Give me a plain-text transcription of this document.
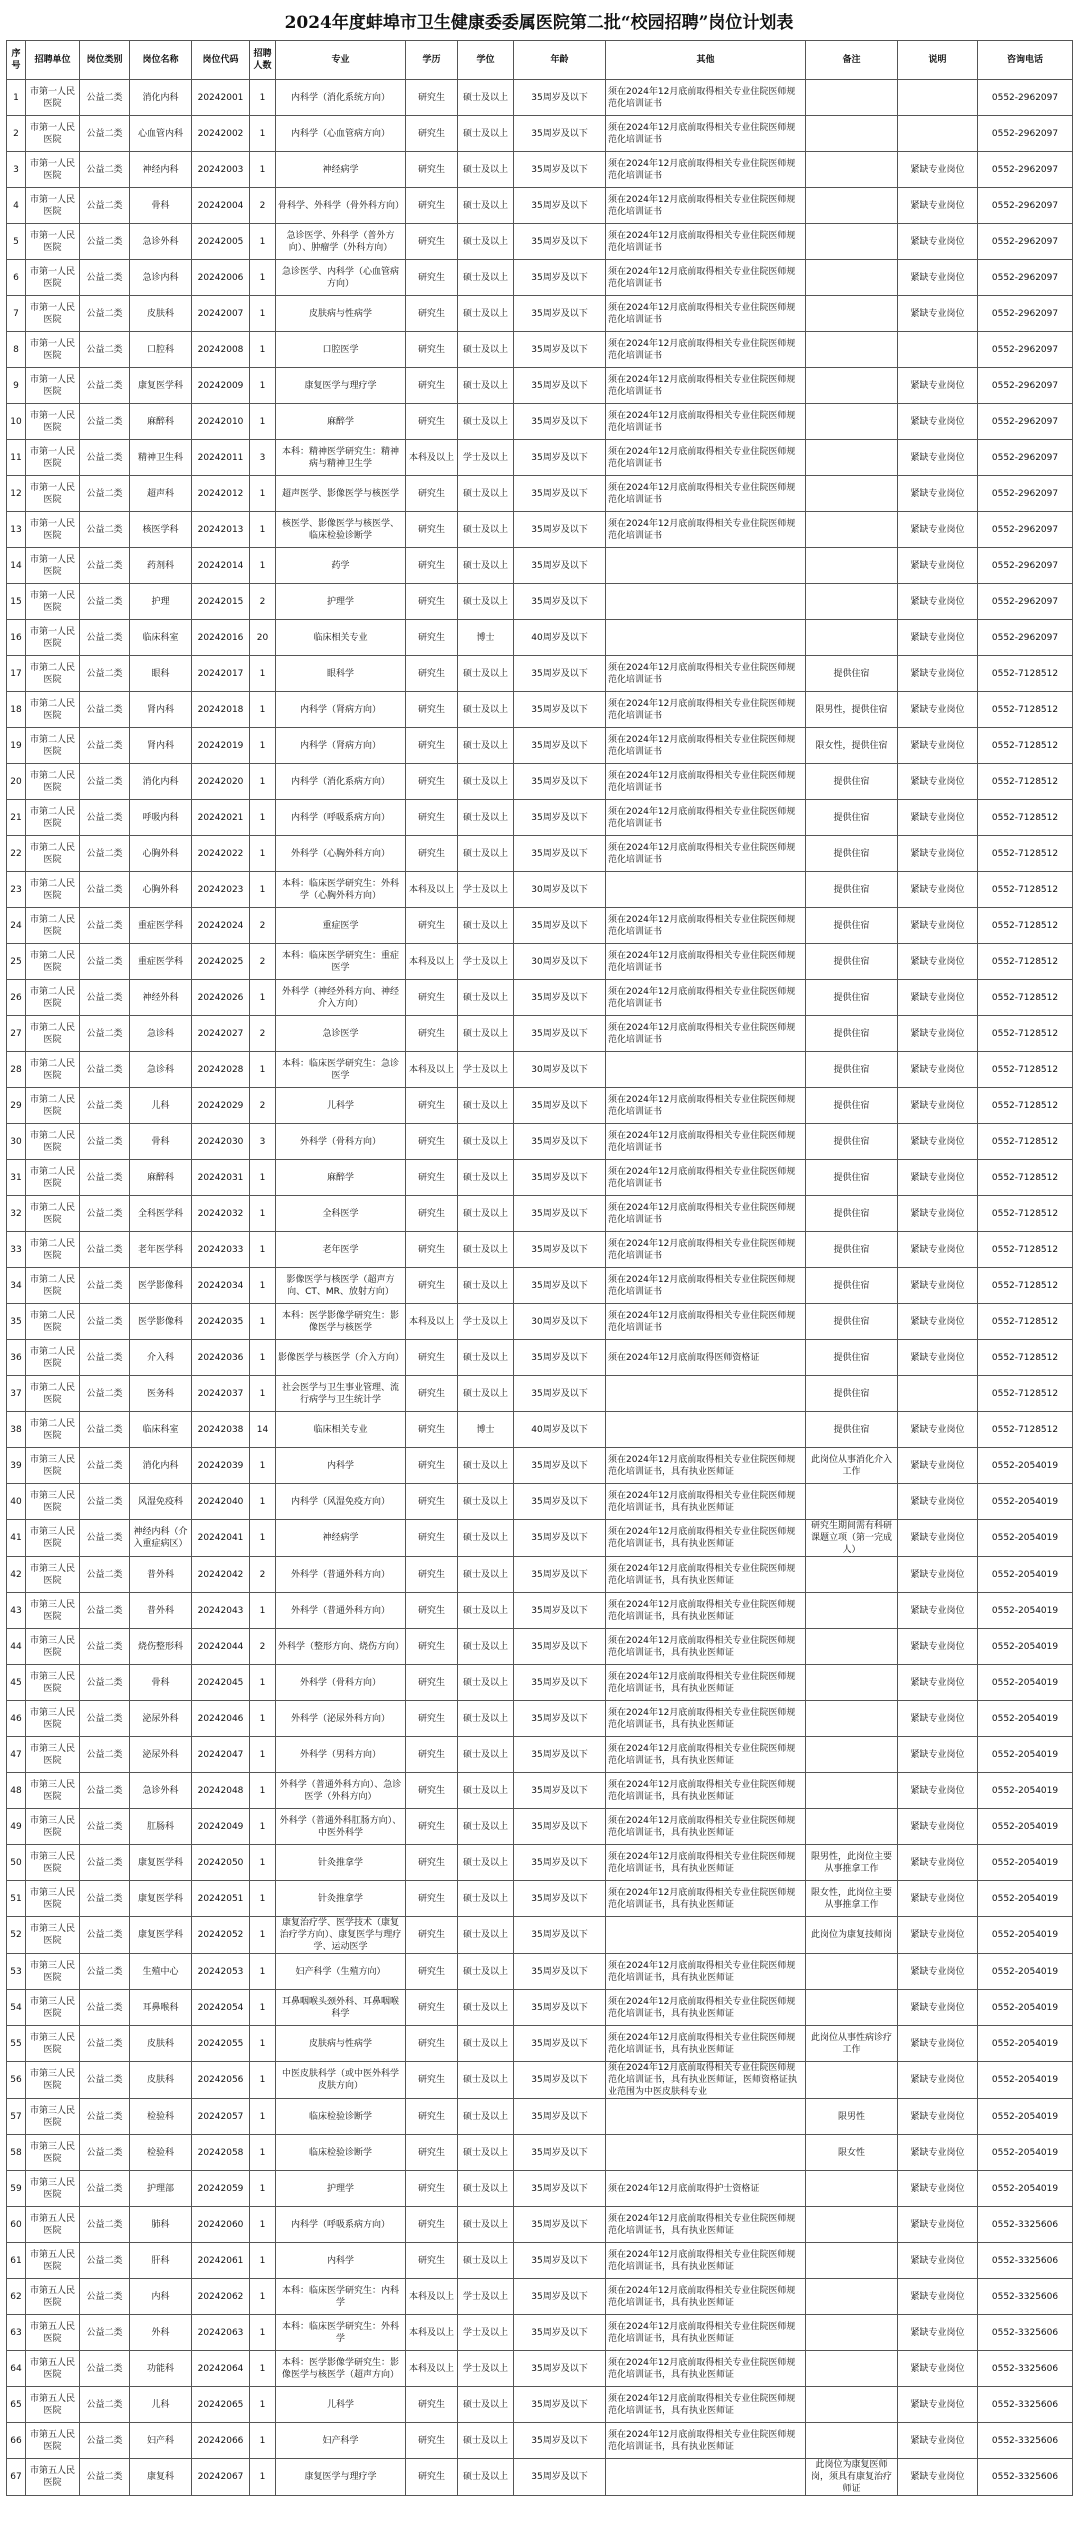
2024年度蚌埠市卫生健康委委属医院第二批“校园招聘”岗位计划表
序号	招聘单位	岗位类别	岗位名称	岗位代码	招聘人数	专业	学历	学位	年龄	其他	备注	说明	咨询电话
1	市第一人民医院	公益二类	消化内科	20242001	1	内科学（消化系统方向）	研究生	硕士及以上	35周岁及以下	须在2024年12月底前取得相关专业住院医师规范化培训证书			0552-2962097
2	市第一人民医院	公益二类	心血管内科	20242002	1	内科学（心血管病方向）	研究生	硕士及以上	35周岁及以下	须在2024年12月底前取得相关专业住院医师规范化培训证书			0552-2962097
3	市第一人民医院	公益二类	神经内科	20242003	1	神经病学	研究生	硕士及以上	35周岁及以下	须在2024年12月底前取得相关专业住院医师规范化培训证书		紧缺专业岗位	0552-2962097
4	市第一人民医院	公益二类	骨科	20242004	2	骨科学、外科学（骨外科方向）	研究生	硕士及以上	35周岁及以下	须在2024年12月底前取得相关专业住院医师规范化培训证书		紧缺专业岗位	0552-2962097
5	市第一人民医院	公益二类	急诊外科	20242005	1	急诊医学、外科学（普外方向）、肿瘤学（外科方向）	研究生	硕士及以上	35周岁及以下	须在2024年12月底前取得相关专业住院医师规范化培训证书		紧缺专业岗位	0552-2962097
6	市第一人民医院	公益二类	急诊内科	20242006	1	急诊医学、内科学（心血管病方向）	研究生	硕士及以上	35周岁及以下	须在2024年12月底前取得相关专业住院医师规范化培训证书		紧缺专业岗位	0552-2962097
7	市第一人民医院	公益二类	皮肤科	20242007	1	皮肤病与性病学	研究生	硕士及以上	35周岁及以下	须在2024年12月底前取得相关专业住院医师规范化培训证书		紧缺专业岗位	0552-2962097
8	市第一人民医院	公益二类	口腔科	20242008	1	口腔医学	研究生	硕士及以上	35周岁及以下	须在2024年12月底前取得相关专业住院医师规范化培训证书			0552-2962097
9	市第一人民医院	公益二类	康复医学科	20242009	1	康复医学与理疗学	研究生	硕士及以上	35周岁及以下	须在2024年12月底前取得相关专业住院医师规范化培训证书		紧缺专业岗位	0552-2962097
10	市第一人民医院	公益二类	麻醉科	20242010	1	麻醉学	研究生	硕士及以上	35周岁及以下	须在2024年12月底前取得相关专业住院医师规范化培训证书		紧缺专业岗位	0552-2962097
11	市第一人民医院	公益二类	精神卫生科	20242011	3	本科：精神医学研究生：精神病与精神卫生学	本科及以上	学士及以上	35周岁及以下	须在2024年12月底前取得相关专业住院医师规范化培训证书		紧缺专业岗位	0552-2962097
12	市第一人民医院	公益二类	超声科	20242012	1	超声医学、影像医学与核医学	研究生	硕士及以上	35周岁及以下	须在2024年12月底前取得相关专业住院医师规范化培训证书		紧缺专业岗位	0552-2962097
13	市第一人民医院	公益二类	核医学科	20242013	1	核医学、影像医学与核医学、临床检验诊断学	研究生	硕士及以上	35周岁及以下	须在2024年12月底前取得相关专业住院医师规范化培训证书		紧缺专业岗位	0552-2962097
14	市第一人民医院	公益二类	药剂科	20242014	1	药学	研究生	硕士及以上	35周岁及以下			紧缺专业岗位	0552-2962097
15	市第一人民医院	公益二类	护理	20242015	2	护理学	研究生	硕士及以上	35周岁及以下			紧缺专业岗位	0552-2962097
16	市第一人民医院	公益二类	临床科室	20242016	20	临床相关专业	研究生	博士	40周岁及以下			紧缺专业岗位	0552-2962097
17	市第二人民医院	公益二类	眼科	20242017	1	眼科学	研究生	硕士及以上	35周岁及以下	须在2024年12月底前取得相关专业住院医师规范化培训证书	提供住宿	紧缺专业岗位	0552-7128512
18	市第二人民医院	公益二类	肾内科	20242018	1	内科学（肾病方向）	研究生	硕士及以上	35周岁及以下	须在2024年12月底前取得相关专业住院医师规范化培训证书	限男性，提供住宿	紧缺专业岗位	0552-7128512
19	市第二人民医院	公益二类	肾内科	20242019	1	内科学（肾病方向）	研究生	硕士及以上	35周岁及以下	须在2024年12月底前取得相关专业住院医师规范化培训证书	限女性，提供住宿	紧缺专业岗位	0552-7128512
20	市第二人民医院	公益二类	消化内科	20242020	1	内科学（消化系病方向）	研究生	硕士及以上	35周岁及以下	须在2024年12月底前取得相关专业住院医师规范化培训证书	提供住宿	紧缺专业岗位	0552-7128512
21	市第二人民医院	公益二类	呼吸内科	20242021	1	内科学（呼吸系病方向）	研究生	硕士及以上	35周岁及以下	须在2024年12月底前取得相关专业住院医师规范化培训证书	提供住宿	紧缺专业岗位	0552-7128512
22	市第二人民医院	公益二类	心胸外科	20242022	1	外科学（心胸外科方向）	研究生	硕士及以上	35周岁及以下	须在2024年12月底前取得相关专业住院医师规范化培训证书	提供住宿	紧缺专业岗位	0552-7128512
23	市第二人民医院	公益二类	心胸外科	20242023	1	本科：临床医学研究生：外科学（心胸外科方向）	本科及以上	学士及以上	30周岁及以下		提供住宿	紧缺专业岗位	0552-7128512
24	市第二人民医院	公益二类	重症医学科	20242024	2	重症医学	研究生	硕士及以上	35周岁及以下	须在2024年12月底前取得相关专业住院医师规范化培训证书	提供住宿	紧缺专业岗位	0552-7128512
25	市第二人民医院	公益二类	重症医学科	20242025	2	本科：临床医学研究生：重症医学	本科及以上	学士及以上	30周岁及以下	须在2024年12月底前取得相关专业住院医师规范化培训证书	提供住宿	紧缺专业岗位	0552-7128512
26	市第二人民医院	公益二类	神经外科	20242026	1	外科学（神经外科方向、神经介入方向）	研究生	硕士及以上	35周岁及以下	须在2024年12月底前取得相关专业住院医师规范化培训证书	提供住宿	紧缺专业岗位	0552-7128512
27	市第二人民医院	公益二类	急诊科	20242027	2	急诊医学	研究生	硕士及以上	35周岁及以下	须在2024年12月底前取得相关专业住院医师规范化培训证书	提供住宿	紧缺专业岗位	0552-7128512
28	市第二人民医院	公益二类	急诊科	20242028	1	本科：临床医学研究生：急诊医学	本科及以上	学士及以上	30周岁及以下		提供住宿	紧缺专业岗位	0552-7128512
29	市第二人民医院	公益二类	儿科	20242029	2	儿科学	研究生	硕士及以上	35周岁及以下	须在2024年12月底前取得相关专业住院医师规范化培训证书	提供住宿	紧缺专业岗位	0552-7128512
30	市第二人民医院	公益二类	骨科	20242030	3	外科学（骨科方向）	研究生	硕士及以上	35周岁及以下	须在2024年12月底前取得相关专业住院医师规范化培训证书	提供住宿	紧缺专业岗位	0552-7128512
31	市第二人民医院	公益二类	麻醉科	20242031	1	麻醉学	研究生	硕士及以上	35周岁及以下	须在2024年12月底前取得相关专业住院医师规范化培训证书	提供住宿	紧缺专业岗位	0552-7128512
32	市第二人民医院	公益二类	全科医学科	20242032	1	全科医学	研究生	硕士及以上	35周岁及以下	须在2024年12月底前取得相关专业住院医师规范化培训证书	提供住宿	紧缺专业岗位	0552-7128512
33	市第二人民医院	公益二类	老年医学科	20242033	1	老年医学	研究生	硕士及以上	35周岁及以下	须在2024年12月底前取得相关专业住院医师规范化培训证书	提供住宿	紧缺专业岗位	0552-7128512
34	市第二人民医院	公益二类	医学影像科	20242034	1	影像医学与核医学（超声方向、CT、MR、放射方向）	研究生	硕士及以上	35周岁及以下	须在2024年12月底前取得相关专业住院医师规范化培训证书	提供住宿	紧缺专业岗位	0552-7128512
35	市第二人民医院	公益二类	医学影像科	20242035	1	本科：医学影像学研究生：影像医学与核医学	本科及以上	学士及以上	30周岁及以下	须在2024年12月底前取得相关专业住院医师规范化培训证书	提供住宿	紧缺专业岗位	0552-7128512
36	市第二人民医院	公益二类	介入科	20242036	1	影像医学与核医学（介入方向）	研究生	硕士及以上	35周岁及以下	须在2024年12月底前取得医师资格证	提供住宿	紧缺专业岗位	0552-7128512
37	市第二人民医院	公益二类	医务科	20242037	1	社会医学与卫生事业管理、流行病学与卫生统计学	研究生	硕士及以上	35周岁及以下		提供住宿		0552-7128512
38	市第二人民医院	公益二类	临床科室	20242038	14	临床相关专业	研究生	博士	40周岁及以下		提供住宿	紧缺专业岗位	0552-7128512
39	市第三人民医院	公益二类	消化内科	20242039	1	内科学	研究生	硕士及以上	35周岁及以下	须在2024年12月底前取得相关专业住院医师规范化培训证书，具有执业医师证	此岗位从事消化介入工作	紧缺专业岗位	0552-2054019
40	市第三人民医院	公益二类	风湿免疫科	20242040	1	内科学（风湿免疫方向）	研究生	硕士及以上	35周岁及以下	须在2024年12月底前取得相关专业住院医师规范化培训证书，具有执业医师证		紧缺专业岗位	0552-2054019
41	市第三人民医院	公益二类	神经内科（介入重症病区）	20242041	1	神经病学	研究生	硕士及以上	35周岁及以下	须在2024年12月底前取得相关专业住院医师规范化培训证书，具有执业医师证	研究生期间需有科研课题立项（第一完成人）	紧缺专业岗位	0552-2054019
42	市第三人民医院	公益二类	普外科	20242042	2	外科学（普通外科方向）	研究生	硕士及以上	35周岁及以下	须在2024年12月底前取得相关专业住院医师规范化培训证书，具有执业医师证		紧缺专业岗位	0552-2054019
43	市第三人民医院	公益二类	普外科	20242043	1	外科学（普通外科方向）	研究生	硕士及以上	35周岁及以下	须在2024年12月底前取得相关专业住院医师规范化培训证书，具有执业医师证		紧缺专业岗位	0552-2054019
44	市第三人民医院	公益二类	烧伤整形科	20242044	2	外科学（整形方向、烧伤方向）	研究生	硕士及以上	35周岁及以下	须在2024年12月底前取得相关专业住院医师规范化培训证书，具有执业医师证		紧缺专业岗位	0552-2054019
45	市第三人民医院	公益二类	骨科	20242045	1	外科学（骨科方向）	研究生	硕士及以上	35周岁及以下	须在2024年12月底前取得相关专业住院医师规范化培训证书，具有执业医师证		紧缺专业岗位	0552-2054019
46	市第三人民医院	公益二类	泌尿外科	20242046	1	外科学（泌尿外科方向）	研究生	硕士及以上	35周岁及以下	须在2024年12月底前取得相关专业住院医师规范化培训证书，具有执业医师证		紧缺专业岗位	0552-2054019
47	市第三人民医院	公益二类	泌尿外科	20242047	1	外科学（男科方向）	研究生	硕士及以上	35周岁及以下	须在2024年12月底前取得相关专业住院医师规范化培训证书，具有执业医师证		紧缺专业岗位	0552-2054019
48	市第三人民医院	公益二类	急诊外科	20242048	1	外科学（普通外科方向）、急诊医学（外科方向）	研究生	硕士及以上	35周岁及以下	须在2024年12月底前取得相关专业住院医师规范化培训证书，具有执业医师证		紧缺专业岗位	0552-2054019
49	市第三人民医院	公益二类	肛肠科	20242049	1	外科学（普通外科肛肠方向）、中医外科学	研究生	硕士及以上	35周岁及以下	须在2024年12月底前取得相关专业住院医师规范化培训证书，具有执业医师证		紧缺专业岗位	0552-2054019
50	市第三人民医院	公益二类	康复医学科	20242050	1	针灸推拿学	研究生	硕士及以上	35周岁及以下	须在2024年12月底前取得相关专业住院医师规范化培训证书，具有执业医师证	限男性，此岗位主要从事推拿工作	紧缺专业岗位	0552-2054019
51	市第三人民医院	公益二类	康复医学科	20242051	1	针灸推拿学	研究生	硕士及以上	35周岁及以下	须在2024年12月底前取得相关专业住院医师规范化培训证书，具有执业医师证	限女性，此岗位主要从事推拿工作	紧缺专业岗位	0552-2054019
52	市第三人民医院	公益二类	康复医学科	20242052	1	康复治疗学、医学技术（康复治疗学方向）、康复医学与理疗学、运动医学	研究生	硕士及以上	35周岁及以下		此岗位为康复技师岗	紧缺专业岗位	0552-2054019
53	市第三人民医院	公益二类	生殖中心	20242053	1	妇产科学（生殖方向）	研究生	硕士及以上	35周岁及以下	须在2024年12月底前取得相关专业住院医师规范化培训证书，具有执业医师证		紧缺专业岗位	0552-2054019
54	市第三人民医院	公益二类	耳鼻喉科	20242054	1	耳鼻咽喉头颈外科、耳鼻咽喉科学	研究生	硕士及以上	35周岁及以下	须在2024年12月底前取得相关专业住院医师规范化培训证书，具有执业医师证		紧缺专业岗位	0552-2054019
55	市第三人民医院	公益二类	皮肤科	20242055	1	皮肤病与性病学	研究生	硕士及以上	35周岁及以下	须在2024年12月底前取得相关专业住院医师规范化培训证书，具有执业医师证	此岗位从事性病诊疗工作	紧缺专业岗位	0552-2054019
56	市第三人民医院	公益二类	皮肤科	20242056	1	中医皮肤科学（或中医外科学皮肤方向）	研究生	硕士及以上	35周岁及以下	须在2024年12月底前取得相关专业住院医师规范化培训证书，具有执业医师证，医师资格证执业范围为中医皮肤科专业		紧缺专业岗位	0552-2054019
57	市第三人民医院	公益二类	检验科	20242057	1	临床检验诊断学	研究生	硕士及以上	35周岁及以下		限男性	紧缺专业岗位	0552-2054019
58	市第三人民医院	公益二类	检验科	20242058	1	临床检验诊断学	研究生	硕士及以上	35周岁及以下		限女性	紧缺专业岗位	0552-2054019
59	市第三人民医院	公益二类	护理部	20242059	1	护理学	研究生	硕士及以上	35周岁及以下	须在2024年12月底前取得护士资格证		紧缺专业岗位	0552-2054019
60	市第五人民医院	公益二类	肺科	20242060	1	内科学（呼吸系病方向）	研究生	硕士及以上	35周岁及以下	须在2024年12月底前取得相关专业住院医师规范化培训证书，具有执业医师证		紧缺专业岗位	0552-3325606
61	市第五人民医院	公益二类	肝科	20242061	1	内科学	研究生	硕士及以上	35周岁及以下	须在2024年12月底前取得相关专业住院医师规范化培训证书，具有执业医师证		紧缺专业岗位	0552-3325606
62	市第五人民医院	公益二类	内科	20242062	1	本科：临床医学研究生：内科学	本科及以上	学士及以上	35周岁及以下	须在2024年12月底前取得相关专业住院医师规范化培训证书，具有执业医师证		紧缺专业岗位	0552-3325606
63	市第五人民医院	公益二类	外科	20242063	1	本科：临床医学研究生：外科学	本科及以上	学士及以上	35周岁及以下	须在2024年12月底前取得相关专业住院医师规范化培训证书，具有执业医师证		紧缺专业岗位	0552-3325606
64	市第五人民医院	公益二类	功能科	20242064	1	本科：医学影像学研究生：影像医学与核医学（超声方向）	本科及以上	学士及以上	35周岁及以下	须在2024年12月底前取得相关专业住院医师规范化培训证书，具有执业医师证		紧缺专业岗位	0552-3325606
65	市第五人民医院	公益二类	儿科	20242065	1	儿科学	研究生	硕士及以上	35周岁及以下	须在2024年12月底前取得相关专业住院医师规范化培训证书，具有执业医师证		紧缺专业岗位	0552-3325606
66	市第五人民医院	公益二类	妇产科	20242066	1	妇产科学	研究生	硕士及以上	35周岁及以下	须在2024年12月底前取得相关专业住院医师规范化培训证书，具有执业医师证		紧缺专业岗位	0552-3325606
67	市第五人民医院	公益二类	康复科	20242067	1	康复医学与理疗学	研究生	硕士及以上	35周岁及以下		此岗位为康复医师岗，须具有康复治疗师证	紧缺专业岗位	0552-3325606
